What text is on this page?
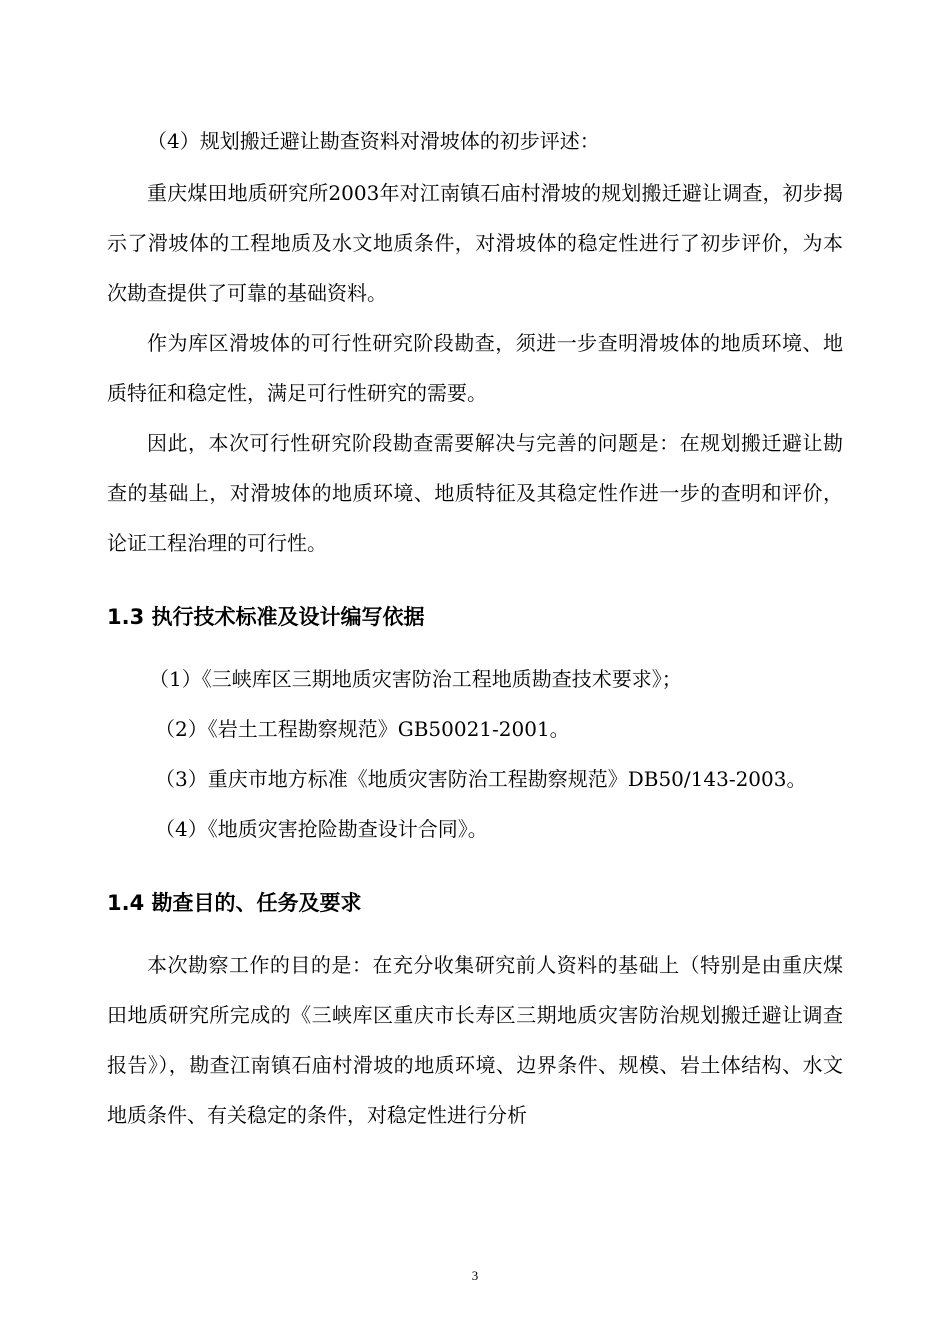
（4）规划搬迁避让勘查资料对滑坡体的初步评述：

重庆煤田地质研究所2003年对江南镇石庙村滑坡的规划搬迁避让调查，初步揭示了滑坡体的工程地质及水文地质条件，对滑坡体的稳定性进行了初步评价，为本次勘查提供了可靠的基础资料。

作为库区滑坡体的可行性研究阶段勘查，须进一步查明滑坡体的地质环境、地质特征和稳定性，满足可行性研究的需要。

因此，本次可行性研究阶段勘查需要解决与完善的问题是：在规划搬迁避让勘查的基础上，对滑坡体的地质环境、地质特征及其稳定性作进一步的查明和评价，论证工程治理的可行性。

1.3 执行技术标准及设计编写依据

（1）《三峡库区三期地质灾害防治工程地质勘查技术要求》；

（2）《岩土工程勘察规范》GB50021-2001。

（3）重庆市地方标准《地质灾害防治工程勘察规范》DB50/143-2003。

（4）《地质灾害抢险勘查设计合同》。

1.4 勘查目的、任务及要求

本次勘察工作的目的是：在充分收集研究前人资料的基础上（特别是由重庆煤田地质研究所完成的《三峡库区重庆市长寿区三期地质灾害防治规划搬迁避让调查报告》），勘查江南镇石庙村滑坡的地质环境、边界条件、规模、岩土体结构、水文地质条件、有关稳定的条件，对稳定性进行分析

3
